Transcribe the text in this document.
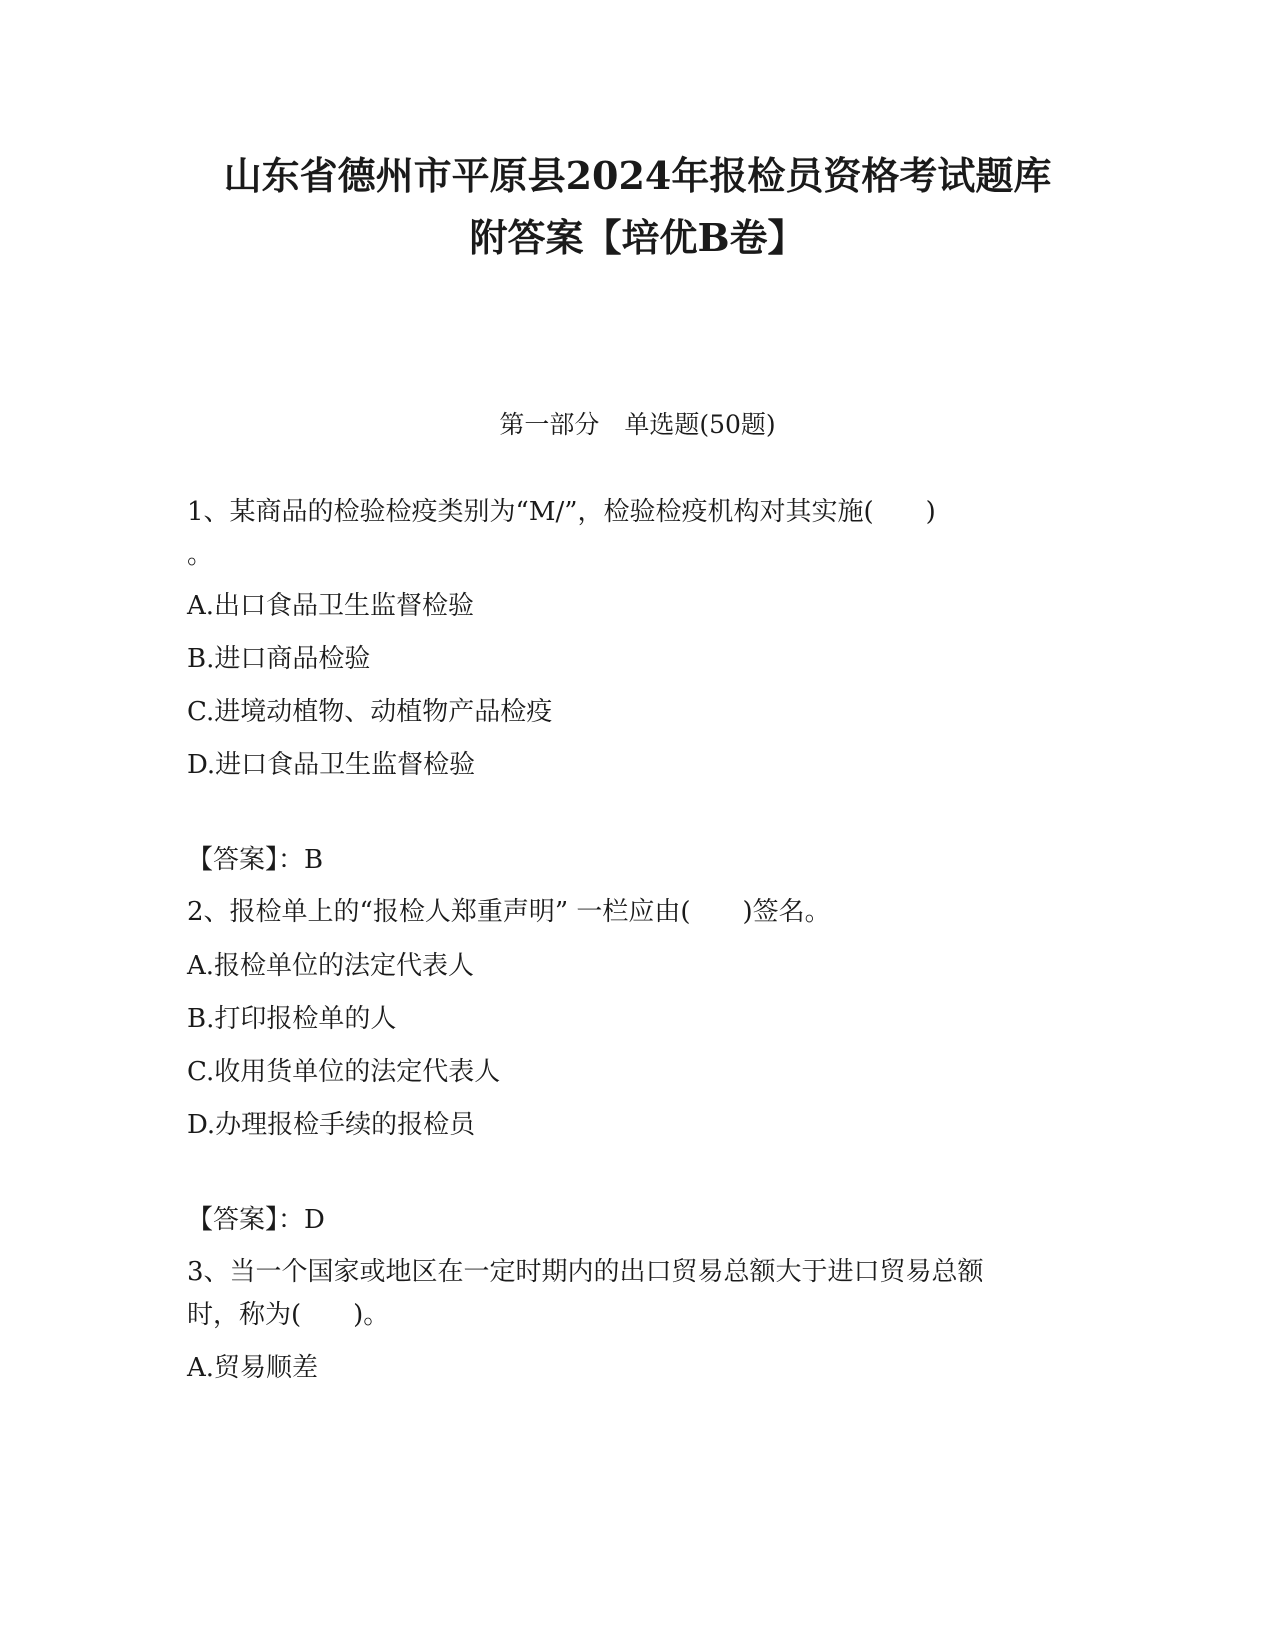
山东省德州市平原县2024年报检员资格考试题库
附答案【培优B卷】
第一部分　单选题(50题)
1、某商品的检验检疫类别为“M/”，检验检疫机构对其实施(　　)
。
A.出口食品卫生监督检验
B.进口商品检验
C.进境动植物、动植物产品检疫
D.进口食品卫生监督检验
【答案】：B
2、报检单上的“报检人郑重声明” 一栏应由(　　)签名。
A.报检单位的法定代表人
B.打印报检单的人
C.收用货单位的法定代表人
D.办理报检手续的报检员
【答案】：D
3、当一个国家或地区在一定时期内的出口贸易总额大于进口贸易总额
时，称为(　　)。
A.贸易顺差
